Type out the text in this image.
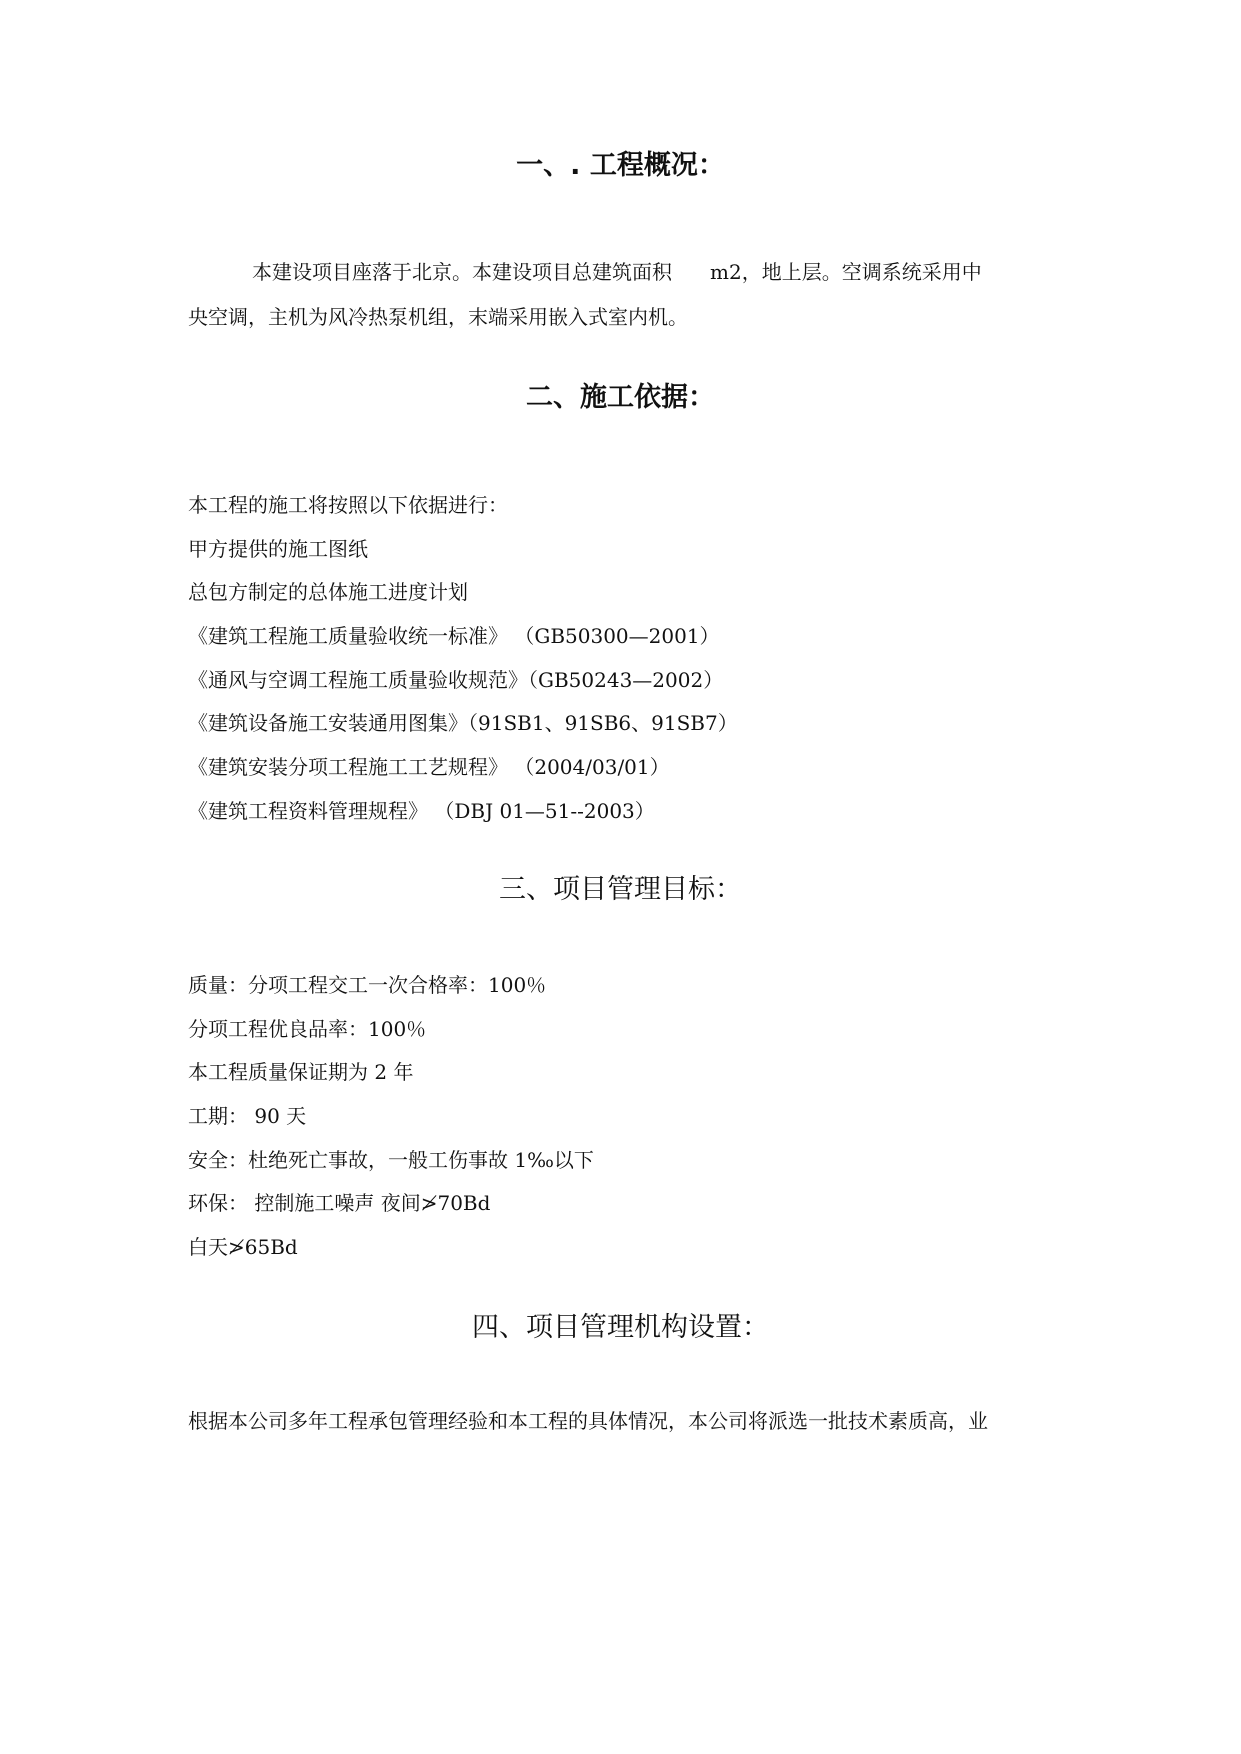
一、. 工程概况：

本建设项目座落于北京。本建设项目总建筑面积 m2，地上层。空调系统采用中

央空调，主机为风冷热泵机组，末端采用嵌入式室内机。

二、施工依据：

本工程的施工将按照以下依据进行：

甲方提供的施工图纸

总包方制定的总体施工进度计划

《建筑工程施工质量验收统一标准》 （GB50300—2001）

《通风与空调工程施工质量验收规范》（GB50243—2002）

《建筑设备施工安装通用图集》（91SB1、91SB6、91SB7）

《建筑安装分项工程施工工艺规程》 （2004/03/01）

《建筑工程资料管理规程》 （DBJ 01—51--2003）

三、项目管理目标：

质量：分项工程交工一次合格率：100％

分项工程优良品率：100％

本工程质量保证期为 2 年

工期： 90 天

安全：杜绝死亡事故，一般工伤事故 1‰以下

环保： 控制施工噪声 夜间≯70Bd

白天≯65Bd

四、项目管理机构设置：

根据本公司多年工程承包管理经验和本工程的具体情况，本公司将派选一批技术素质高，业
